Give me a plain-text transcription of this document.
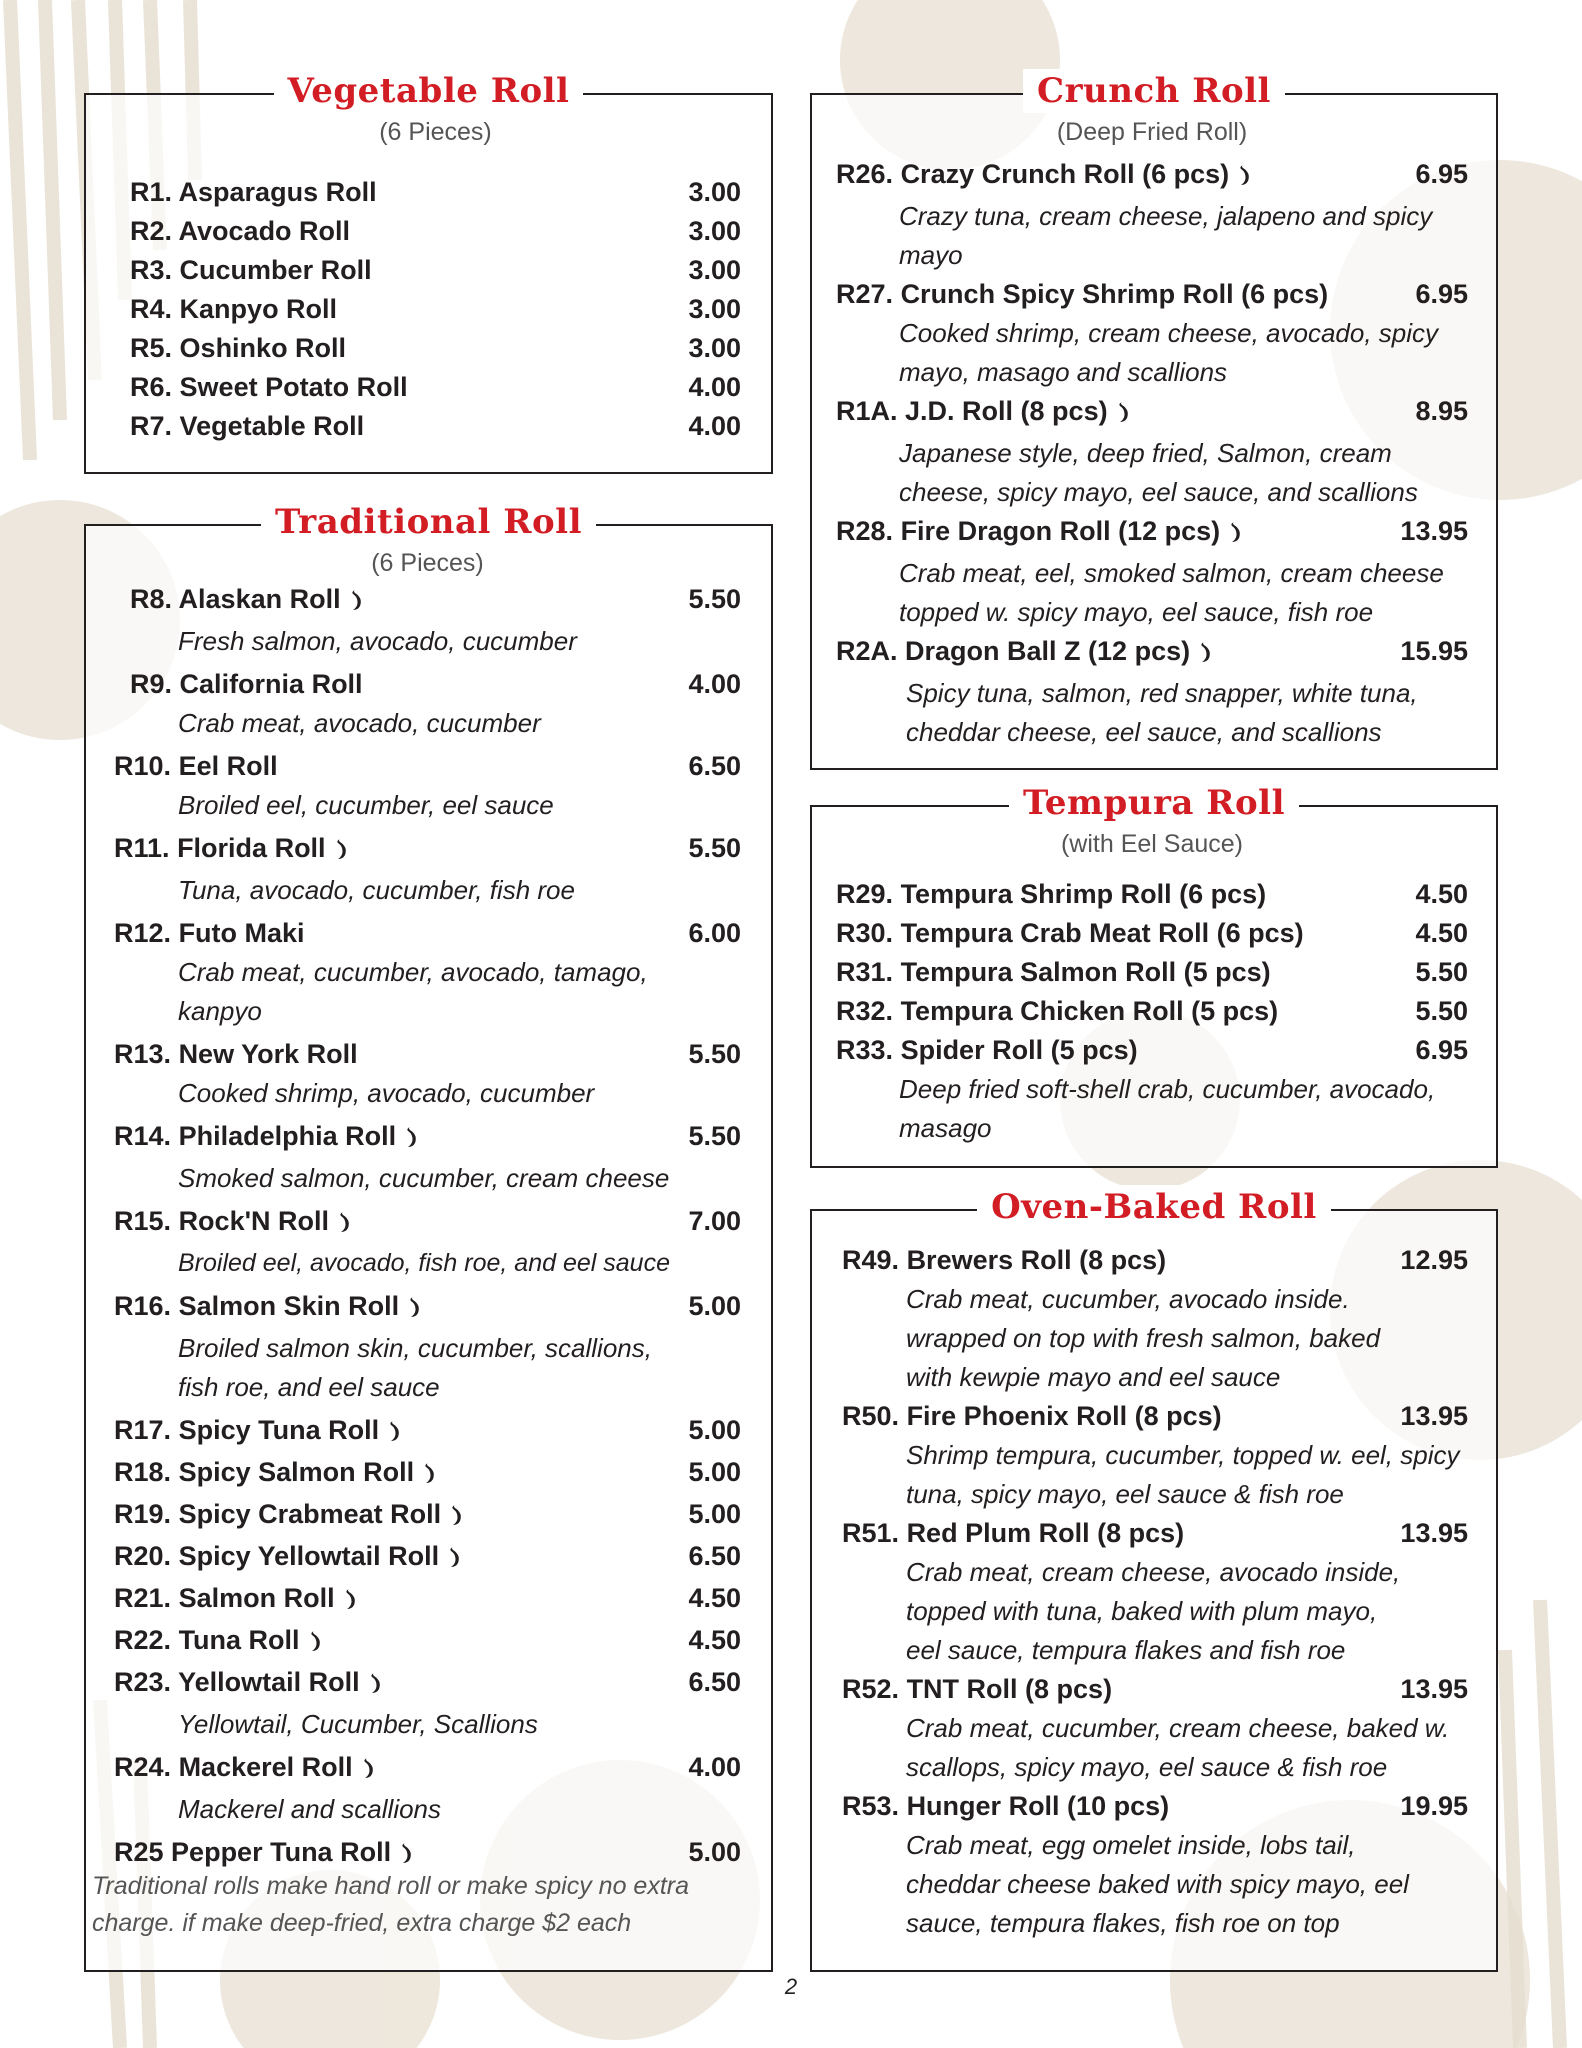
Vegetable Roll
(6 Pieces)
R1. Asparagus Roll	3.00
R2. Avocado Roll	3.00
R3. Cucumber Roll	3.00
R4. Kanpyo Roll	3.00
R5. Oshinko Roll	3.00
R6. Sweet Potato Roll	4.00
R7. Vegetable Roll	4.00
Traditional Roll
(6 Pieces)
R8. Alaskan Roll	5.50
Fresh salmon, avocado, cucumber
R9. California Roll	4.00
Crab meat, avocado, cucumber
R10. Eel Roll	6.50
Broiled eel, cucumber, eel sauce
R11. Florida Roll	5.50
Tuna, avocado, cucumber, fish roe
R12. Futo Maki	6.00
Crab meat, cucumber, avocado, tamago, kanpyo
R13. New York Roll	5.50
Cooked shrimp, avocado, cucumber
R14. Philadelphia Roll	5.50
Smoked salmon, cucumber, cream cheese
R15. Rock'N Roll	7.00
Broiled eel, avocado, fish roe, and eel sauce
R16. Salmon Skin Roll	5.00
Broiled salmon skin, cucumber, scallions, fish roe, and eel sauce
R17. Spicy Tuna Roll	5.00
R18. Spicy Salmon Roll	5.00
R19. Spicy Crabmeat Roll	5.00
R20. Spicy Yellowtail Roll	6.50
R21. Salmon Roll	4.50
R22. Tuna Roll	4.50
R23. Yellowtail Roll	6.50
Yellowtail, Cucumber, Scallions
R24. Mackerel Roll	4.00
Mackerel and scallions
R25 Pepper Tuna Roll	5.00
Traditional rolls make hand roll or make spicy no extra charge. if make deep-fried, extra charge $2 each
Crunch Roll
(Deep Fried Roll)
R26. Crazy Crunch Roll (6 pcs)	6.95
Crazy tuna, cream cheese, jalapeno and spicy mayo
R27. Crunch Spicy Shrimp Roll (6 pcs)	6.95
Cooked shrimp, cream cheese, avocado, spicy mayo, masago and scallions
R1A. J.D. Roll (8 pcs)	8.95
Japanese style, deep fried, Salmon, cream cheese, spicy mayo, eel sauce, and scallions
R28. Fire Dragon Roll (12 pcs)	13.95
Crab meat, eel, smoked salmon, cream cheese topped w. spicy mayo, eel sauce, fish roe
R2A. Dragon Ball Z (12 pcs)	15.95
Spicy tuna, salmon, red snapper, white tuna, cheddar cheese, eel sauce, and scallions
Tempura Roll
(with Eel Sauce)
R29. Tempura Shrimp Roll (6 pcs)	4.50
R30. Tempura Crab Meat Roll (6 pcs)	4.50
R31. Tempura Salmon Roll (5 pcs)	5.50
R32. Tempura Chicken Roll (5 pcs)	5.50
R33. Spider Roll (5 pcs)	6.95
Deep fried soft-shell crab, cucumber, avocado, masago
Oven-Baked Roll
R49. Brewers Roll (8 pcs)	12.95
Crab meat, cucumber, avocado inside. wrapped on top with fresh salmon, baked with kewpie mayo and eel sauce
R50. Fire Phoenix Roll (8 pcs)	13.95
Shrimp tempura, cucumber, topped w. eel, spicy tuna, spicy mayo, eel sauce & fish roe
R51. Red Plum Roll (8 pcs)	13.95
Crab meat, cream cheese, avocado inside, topped with tuna, baked with plum mayo, eel sauce, tempura flakes and fish roe
R52. TNT Roll (8 pcs)	13.95
Crab meat, cucumber, cream cheese, baked w. scallops, spicy mayo, eel sauce & fish roe
R53. Hunger Roll (10 pcs)	19.95
Crab meat, egg omelet inside, lobs tail, cheddar cheese baked with spicy mayo, eel sauce, tempura flakes, fish roe on top
2
